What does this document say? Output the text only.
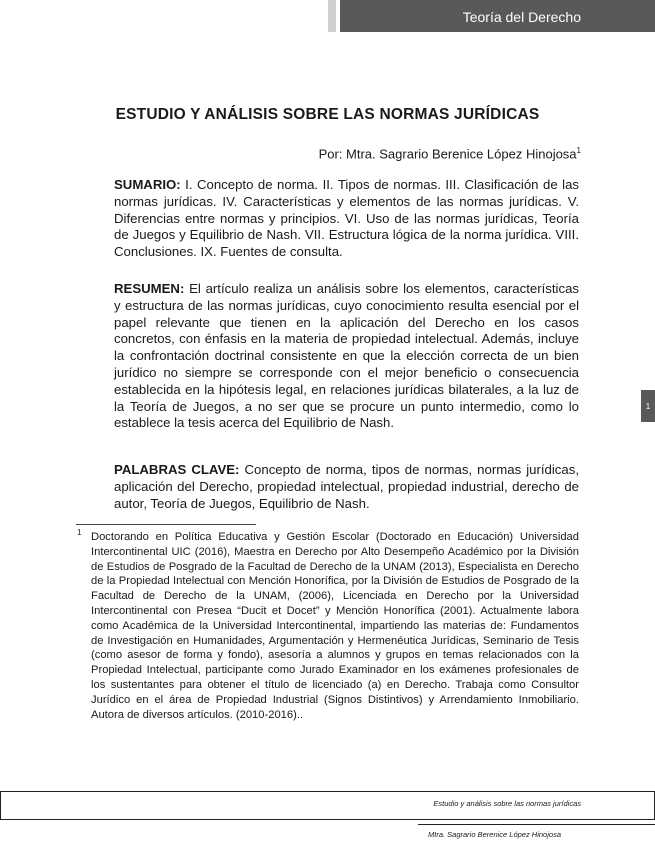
Teoría del Derecho
1
ESTUDIO Y ANÁLISIS SOBRE LAS NORMAS JURÍDICAS
Por: Mtra. Sagrario Berenice López Hinojosa$^1$
SUMARIO: I. Concepto de norma. II. Tipos de normas. III. Clasificación de las normas jurídicas. IV. Características y elementos de las normas jurídicas. V. Diferencias entre normas y principios. VI. Uso de las normas jurídicas, Teoría de Juegos y Equilibrio de Nash. VII. Estructura lógica de la norma jurídica. VIII. Conclusiones. IX. Fuentes de consulta.
RESUMEN: El artículo realiza un análisis sobre los elementos, características y estructura de las normas jurídicas, cuyo conocimiento resulta esencial por el papel relevante que tienen en la aplicación del Derecho en los casos concretos, con énfasis en la materia de propiedad intelectual. Además, incluye la confrontación doctrinal consistente en que la elección correcta de un bien jurídico no siempre se corresponde con el mejor beneficio o consecuencia establecida en la hipótesis legal, en relaciones jurídicas bilaterales, a la luz de la Teoría de Juegos, a no ser que se procure un punto intermedio, como lo establece la tesis acerca del Equilibrio de Nash.
PALABRAS CLAVE: Concepto de norma, tipos de normas, normas jurídicas, aplicación del Derecho, propiedad intelectual, propiedad industrial, derecho de autor, Teoría de Juegos, Equilibrio de Nash.
1 Doctorando en Política Educativa y Gestión Escolar (Doctorado en Educación) Universidad Intercontinental UIC (2016), Maestra en Derecho por Alto Desempeño Académico por la División de Estudios de Posgrado de la Facultad de Derecho de la UNAM (2013), Especialista en Derecho de la Propiedad Intelectual con Mención Honorífica, por la División de Estudios de Posgrado de la Facultad de Derecho de la UNAM, (2006), Licenciada en Derecho por la Universidad Intercontinental con Presea “Ducit et Docet” y Mención Honorífica (2001). Actualmente labora como Académica de la Universidad Intercontinental, impartiendo las materias de: Fundamentos de Investigación en Humanidades, Argumentación y Hermenéutica Jurídicas, Seminario de Tesis (como asesor de forma y fondo), asesoría a alumnos y grupos en temas relacionados con la Propiedad Intelectual, participante como Jurado Examinador en los exámenes profesionales de los sustentantes para obtener el título de licenciado (a) en Derecho. Trabaja como Consultor Jurídico en el área de Propiedad Industrial (Signos Distintivos) y Arrendamiento Inmobiliario. Autora de diversos artículos. (2010-2016)..
Estudio y análisis sobre las normas jurídicas
Mtra. Sagrario Berenice López Hinojosa
